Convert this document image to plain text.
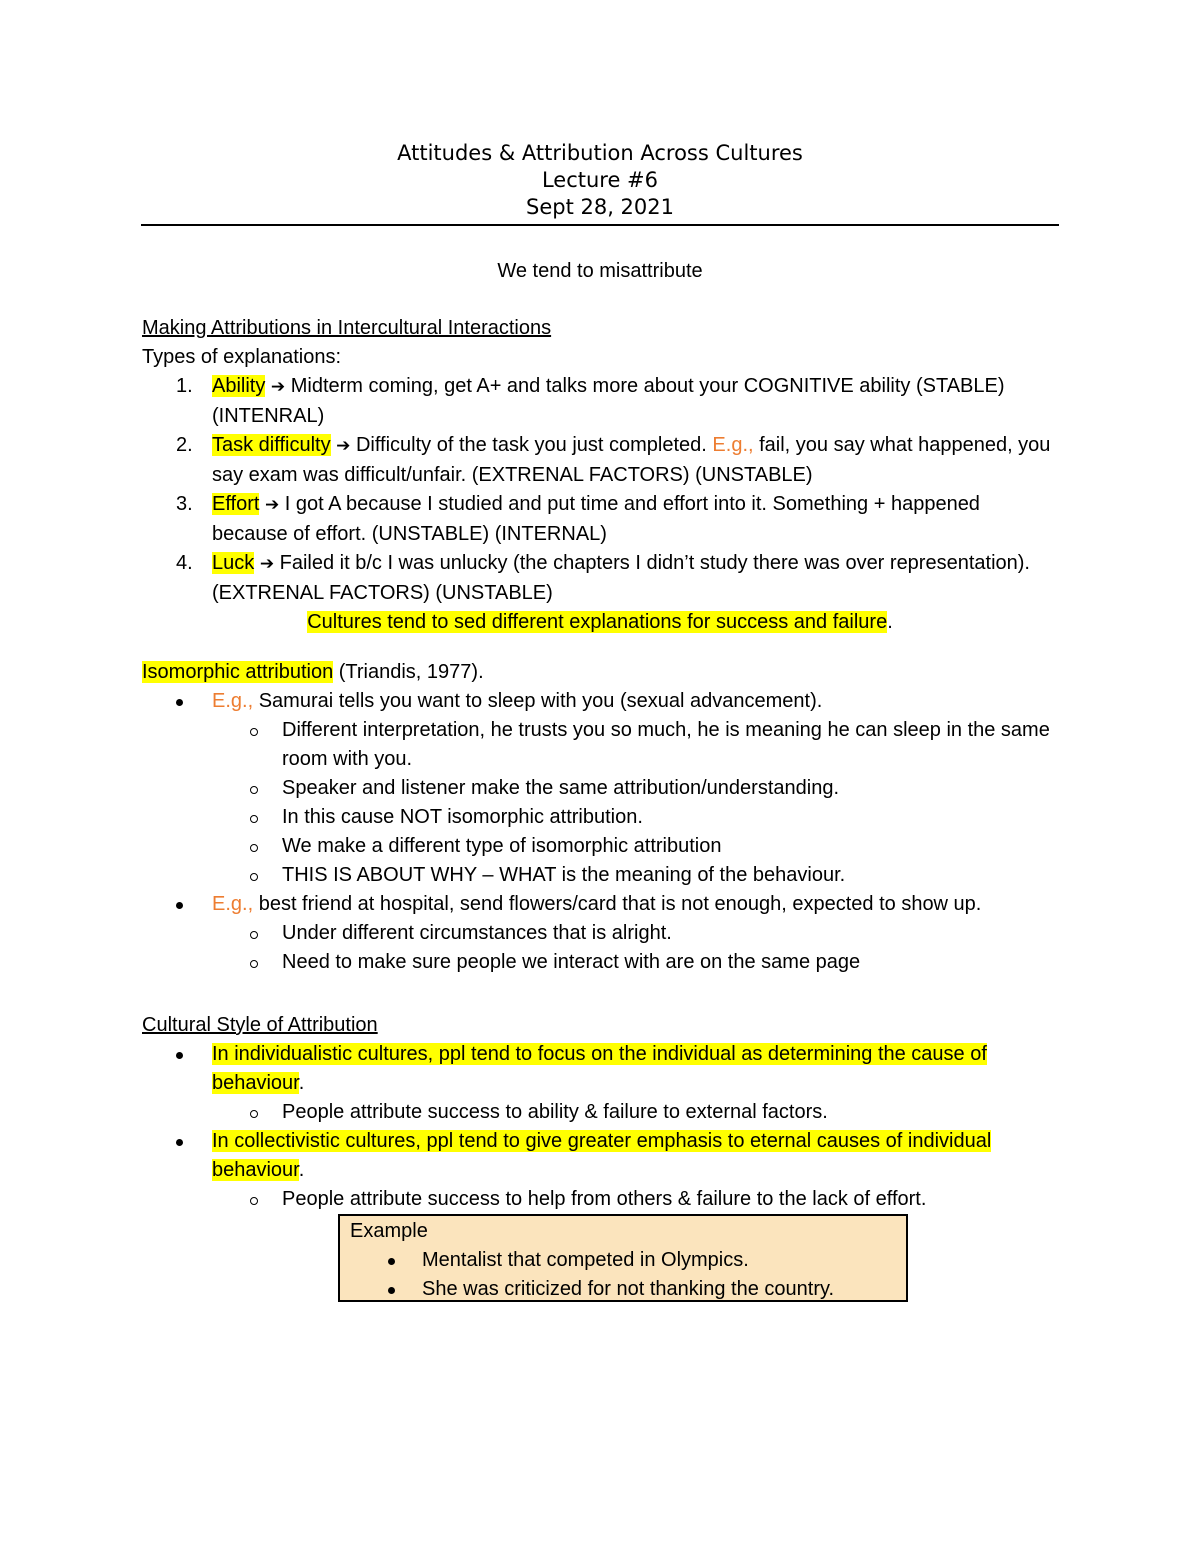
Attitudes & Attribution Across Cultures
Lecture #6
Sept 28, 2021
We tend to misattribute
Making Attributions in Intercultural Interactions
Types of explanations:
1. Ability ➔ Midterm coming, get A+ and talks more about your COGNITIVE ability (STABLE) (INTENRAL)
2. Task difficulty ➔ Difficulty of the task you just completed. E.g., fail, you say what happened, you say exam was difficult/unfair. (EXTRENAL FACTORS) (UNSTABLE)
3. Effort ➔ I got A because I studied and put time and effort into it. Something + happened because of effort. (UNSTABLE) (INTERNAL)
4. Luck ➔ Failed it b/c I was unlucky (the chapters I didn’t study there was over representation). (EXTRENAL FACTORS) (UNSTABLE)
Cultures tend to sed different explanations for success and failure.
Isomorphic attribution (Triandis, 1977).
E.g., Samurai tells you want to sleep with you (sexual advancement).
Different interpretation, he trusts you so much, he is meaning he can sleep in the same room with you.
Speaker and listener make the same attribution/understanding.
In this cause NOT isomorphic attribution.
We make a different type of isomorphic attribution
THIS IS ABOUT WHY – WHAT is the meaning of the behaviour.
E.g., best friend at hospital, send flowers/card that is not enough, expected to show up.
Under different circumstances that is alright.
Need to make sure people we interact with are on the same page
Cultural Style of Attribution
In individualistic cultures, ppl tend to focus on the individual as determining the cause of behaviour.
People attribute success to ability & failure to external factors.
In collectivistic cultures, ppl tend to give greater emphasis to eternal causes of individual behaviour.
People attribute success to help from others & failure to the lack of effort.
Example
Mentalist that competed in Olympics.
She was criticized for not thanking the country.
